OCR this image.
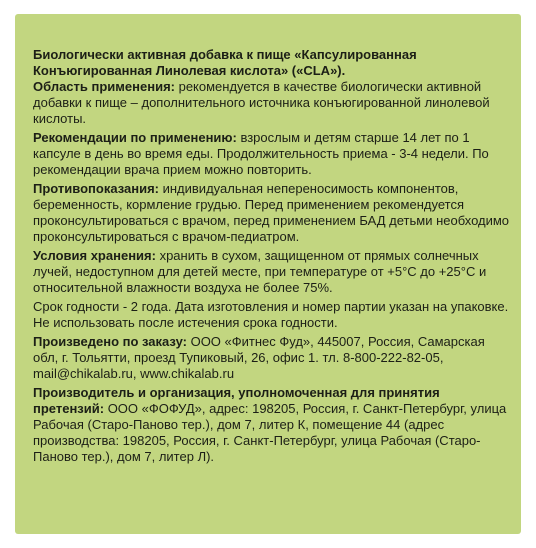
Биологически активная добавка к пище «Капсулированная Конъюгированная Линолевая кислота» («CLA»).

Область применения: рекомендуется в качестве биологически активной добавки к пище – дополнительного источника конъюгированной линолевой кислоты.

Рекомендации по применению: взрослым и детям старше 14 лет по 1 капсуле в день во время еды. Продолжительность приема - 3-4 недели. По рекомендации врача прием можно повторить.

Противопоказания: индивидуальная непереносимость компонентов, беременность, кормление грудью. Перед применением рекомендуется проконсультироваться с врачом, перед применением БАД детьми необходимо проконсультироваться с врачом-педиатром.

Условия хранения: хранить в сухом, защищенном от прямых солнечных лучей, недоступном для детей месте, при температуре от +5°С до +25°С и относительной влажности воздуха не более 75%.

Срок годности - 2 года. Дата изготовления и номер партии указан на упаковке. Не использовать после истечения срока годности.

Произведено по заказу: ООО «Фитнес Фуд», 445007, Россия, Самарская обл, г. Тольятти, проезд Тупиковый, 26, офис 1. тл. 8-800-222-82-05, mail@chikalab.ru, www.chikalab.ru

Производитель и организация, уполномоченная для принятия претензий: ООО «ФОФУД», адрес: 198205, Россия, г. Санкт-Петербург, улица Рабочая (Старо-Паново тер.), дом 7, литер К, помещение 44 (адрес производства: 198205, Россия, г. Санкт-Петербург, улица Рабочая (Старо-Паново тер.), дом 7, литер Л).
